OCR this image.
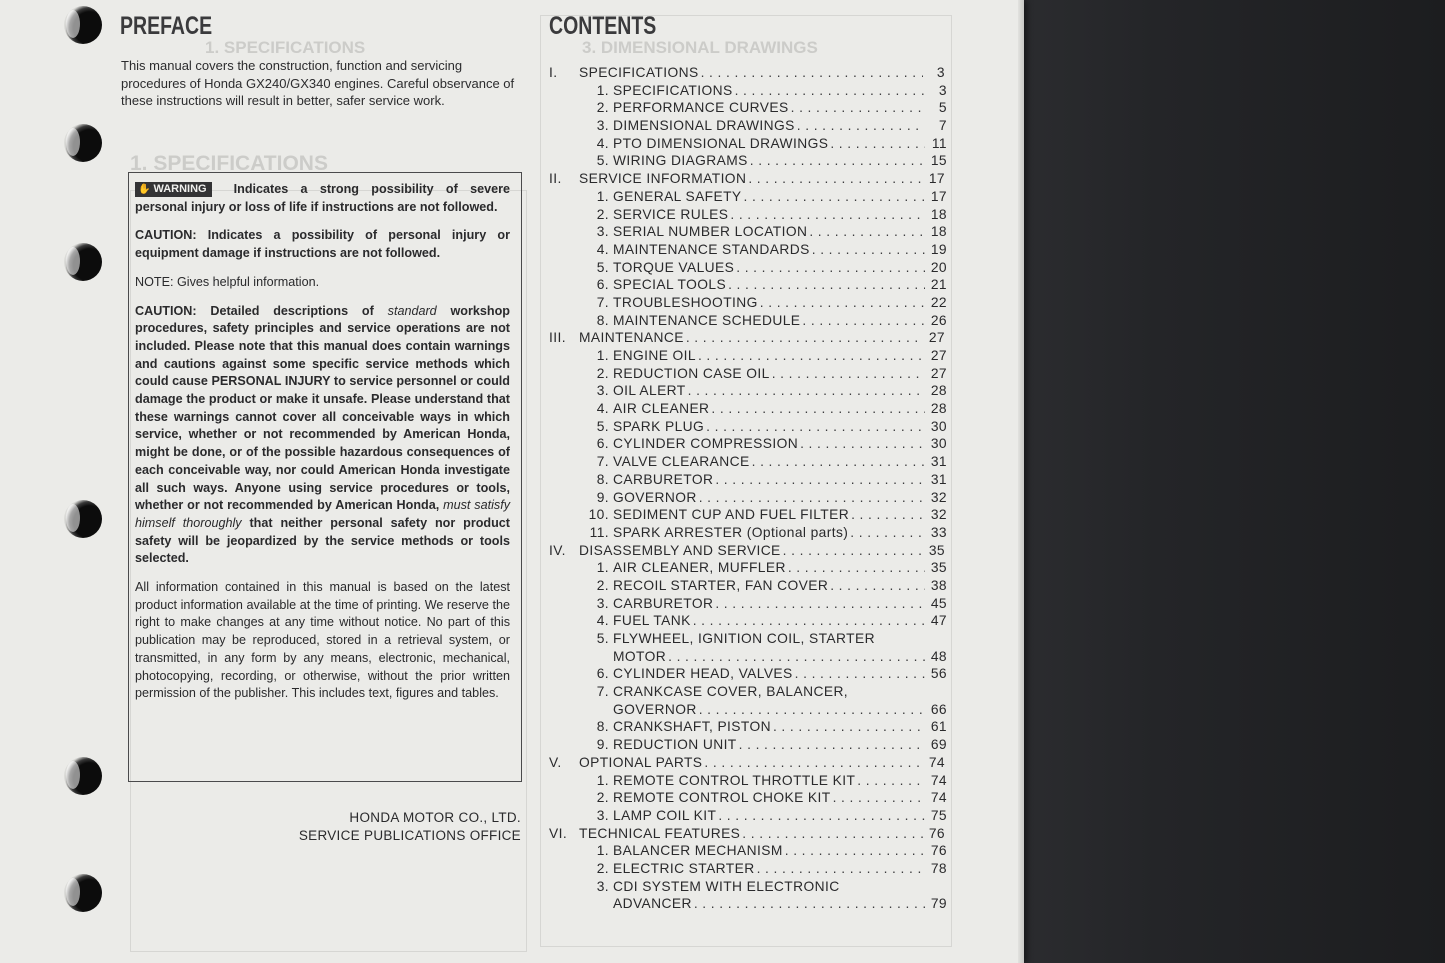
1. SPECIFICATIONS
1. SPECIFICATIONS
3. DIMENSIONAL DRAWINGS
PREFACE

This manual covers the construction, function and servicing procedures of Honda GX240/GX340 engines. Careful observance of these instructions will result in better, safer service work.

✋ WARNING Indicates a strong possibility of severe personal injury or loss of life if instructions are not followed.

CAUTION: Indicates a possibility of personal injury or equipment damage if instructions are not followed.

NOTE: Gives helpful information.

CAUTION: Detailed descriptions of standard workshop procedures, safety principles and service operations are not included. Please note that this manual does contain warnings and cautions against some specific service methods which could cause PERSONAL INJURY to service personnel or could damage the product or make it unsafe. Please understand that these warnings cannot cover all conceivable ways in which service, whether or not recommended by American Honda, might be done, or of the possible hazardous consequences of each conceivable way, nor could American Honda investigate all such ways. Anyone using service procedures or tools, whether or not recommended by American Honda, must satisfy himself thoroughly that neither personal safety nor product safety will be jeopardized by the service methods or tools selected.

All information contained in this manual is based on the latest product information available at the time of printing. We reserve the right to make changes at any time without notice. No part of this publication may be reproduced, stored in a retrieval system, or transmitted, in any form by any means, electronic, mechanical, photocopying, recording, or otherwise, without the prior written permission of the publisher. This includes text, figures and tables.

HONDA MOTOR CO., LTD.
SERVICE PUBLICATIONS OFFICE
CONTENTS
I.	SPECIFICATIONS . . .	3
1. SPECIFICATIONS . . .	3
2. PERFORMANCE CURVES . . .	5
3. DIMENSIONAL DRAWINGS . . .	7
4. PTO DIMENSIONAL DRAWINGS . . .	11
5. WIRING DIAGRAMS . . .	15
II.	SERVICE INFORMATION . . .	17
1. GENERAL SAFETY . . .	17
2. SERVICE RULES . . .	18
3. SERIAL NUMBER LOCATION . . .	18
4. MAINTENANCE STANDARDS . . .	19
5. TORQUE VALUES . . .	20
6. SPECIAL TOOLS . . .	21
7. TROUBLESHOOTING . . .	22
8. MAINTENANCE SCHEDULE . . .	26
III. MAINTENANCE . . .	27
1. ENGINE OIL . . .	27
2. REDUCTION CASE OIL . . .	27
3. OIL ALERT . . .	28
4. AIR CLEANER . . .	28
5. SPARK PLUG . . .	30
6. CYLINDER COMPRESSION . . .	30
7. VALVE CLEARANCE . . .	31
8. CARBURETOR . . .	31
9. GOVERNOR . . .	32
10. SEDIMENT CUP AND FUEL FILTER . . .	32
11. SPARK ARRESTER (Optional parts) . . .	33
IV. DISASSEMBLY AND SERVICE . . .	35
1. AIR CLEANER, MUFFLER . . .	35
2. RECOIL STARTER, FAN COVER . . .	38
3. CARBURETOR . . .	45
4. FUEL TANK . . .	47
5. FLYWHEEL, IGNITION COIL, STARTER
MOTOR . . .	48
6. CYLINDER HEAD, VALVES . . .	56
7. CRANKCASE COVER, BALANCER,
GOVERNOR . . .	66
8. CRANKSHAFT, PISTON . . .	61
9. REDUCTION UNIT . . .	69
V.	OPTIONAL PARTS . . .	74
1. REMOTE CONTROL THROTTLE KIT . . .	74
2. REMOTE CONTROL CHOKE KIT . . .	74
3. LAMP COIL KIT . . .	75
VI. TECHNICAL FEATURES . . .	76
1. BALANCER MECHANISM . . .	76
2. ELECTRIC STARTER . . .	78
3. CDI SYSTEM WITH ELECTRONIC
ADVANCER . . .	79
